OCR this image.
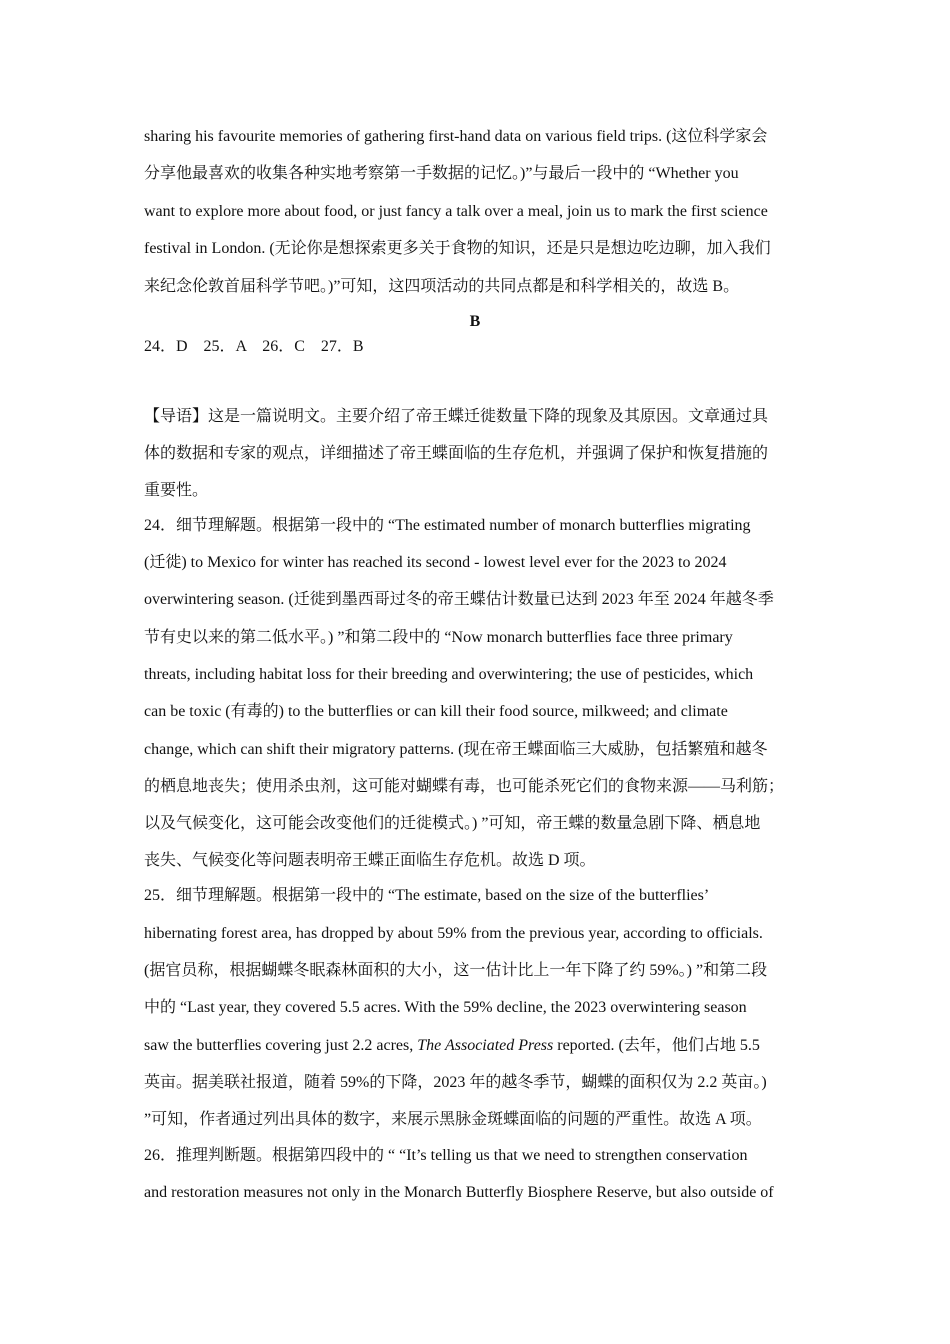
sharing his favourite memories of gathering first-hand data on various field trips. (这位科学家会
分享他最喜欢的收集各种实地考察第一手数据的记忆。)”与最后一段中的 “Whether you
want to explore more about food, or just fancy a talk over a meal, join us to mark the first science
festival in London. (无论你是想探索更多关于食物的知识，还是只是想边吃边聊，加入我们
来纪念伦敦首届科学节吧。)”可知，这四项活动的共同点都是和科学相关的，故选 B。
B
24．D　25．A　26．C　27．B
【导语】这是一篇说明文。主要介绍了帝王蝶迁徙数量下降的现象及其原因。文章通过具
体的数据和专家的观点，详细描述了帝王蝶面临的生存危机，并强调了保护和恢复措施的
重要性。
24．细节理解题。根据第一段中的 “The estimated number of monarch butterflies migrating
(迁徙) to Mexico for winter has reached its second - lowest level ever for the 2023 to 2024
overwintering season. (迁徙到墨西哥过冬的帝王蝶估计数量已达到 2023 年至 2024 年越冬季
节有史以来的第二低水平。) ”和第二段中的 “Now monarch butterflies face three primary
threats, including habitat loss for their breeding and overwintering; the use of pesticides, which
can be toxic (有毒的) to the butterflies or can kill their food source, milkweed; and climate
change, which can shift their migratory patterns. (现在帝王蝶面临三大威胁，包括繁殖和越冬
的栖息地丧失；使用杀虫剂，这可能对蝴蝶有毒，也可能杀死它们的食物来源——马利筋；
以及气候变化，这可能会改变他们的迁徙模式。) ”可知，帝王蝶的数量急剧下降、栖息地
丧失、气候变化等问题表明帝王蝶正面临生存危机。故选 D 项。
25．细节理解题。根据第一段中的 “The estimate, based on the size of the butterflies’
hibernating forest area, has dropped by about 59% from the previous year, according to officials.
(据官员称，根据蝴蝶冬眠森林面积的大小，这一估计比上一年下降了约 59%。) ”和第二段
中的 “Last year, they covered 5.5 acres. With the 59% decline, the 2023 overwintering season
saw the butterflies covering just 2.2 acres, The Associated Press reported. (去年，他们占地 5.5
英亩。据美联社报道，随着 59%的下降，2023 年的越冬季节，蝴蝶的面积仅为 2.2 英亩。)
”可知，作者通过列出具体的数字，来展示黑脉金斑蝶面临的问题的严重性。故选 A 项。
26．推理判断题。根据第四段中的 “ “It’s telling us that we need to strengthen conservation
and restoration measures not only in the Monarch Butterfly Biosphere Reserve, but also outside of
